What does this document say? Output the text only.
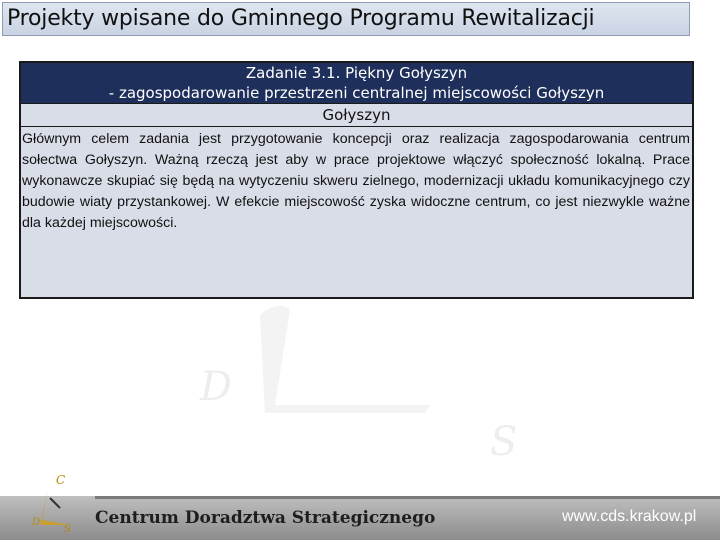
Projekty wpisane do Gminnego Programu Rewitalizacji
Zadanie 3.1. Piękny Gołyszyn
- zagospodarowanie przestrzeni centralnej miejscowości Gołyszyn
Gołyszyn
Głównym celem zadania jest przygotowanie koncepcji oraz realizacja zagospodarowania centrum sołectwa Gołyszyn. Ważną rzeczą jest aby w prace projektowe włączyć społeczność lokalną. Prace wykonawcze skupiać się będą na wytyczeniu skweru zielnego, modernizacji układu komunikacyjnego czy budowie wiaty przystankowej. W efekcie miejscowość zyska widoczne centrum, co jest niezwykle ważne dla każdej miejscowości.
D
S
C
D
S
Centrum Doradztwa Strategicznego	www.cds.krakow.pl
